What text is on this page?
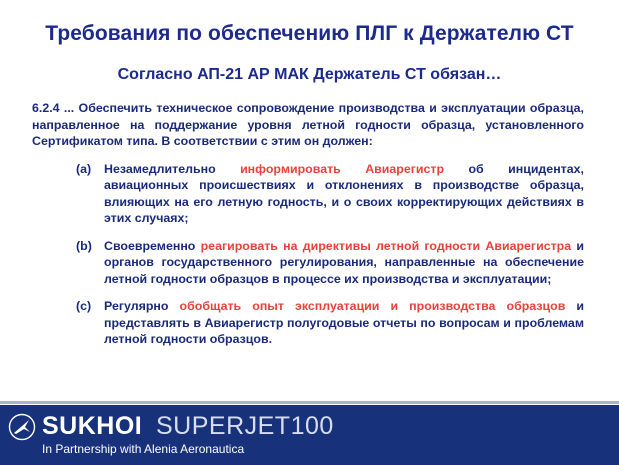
Требования по обеспечению ПЛГ к Держателю СТ
Согласно АП-21 АР МАК Держатель СТ обязан…

6.2.4 ... Обеспечить техническое сопровождение производства и эксплуатации образца, направленное на поддержание уровня летной годности образца, установленного Сертификатом типа. В соответствии с этим он должен:

(a)	Незамедлительно информировать Авиарегистр об инцидентах, авиационных происшествиях и отклонениях в производстве образца, влияющих на его летную годность, и о своих корректирующих действиях в этих случаях;
(b) Своевременно реагировать на директивы летной годности Авиарегистра и органов государственного регулирования, направленные на обеспечение летной годности образцов в процессе их производства и эксплуатации;
(c)	Регулярно обобщать опыт эксплуатации и производства образцов и представлять в Авиарегистр полугодовые отчеты по вопросам и проблемам летной годности образцов.
SUKHOI SUPERJET100
In Partnership with Alenia Aeronautica
